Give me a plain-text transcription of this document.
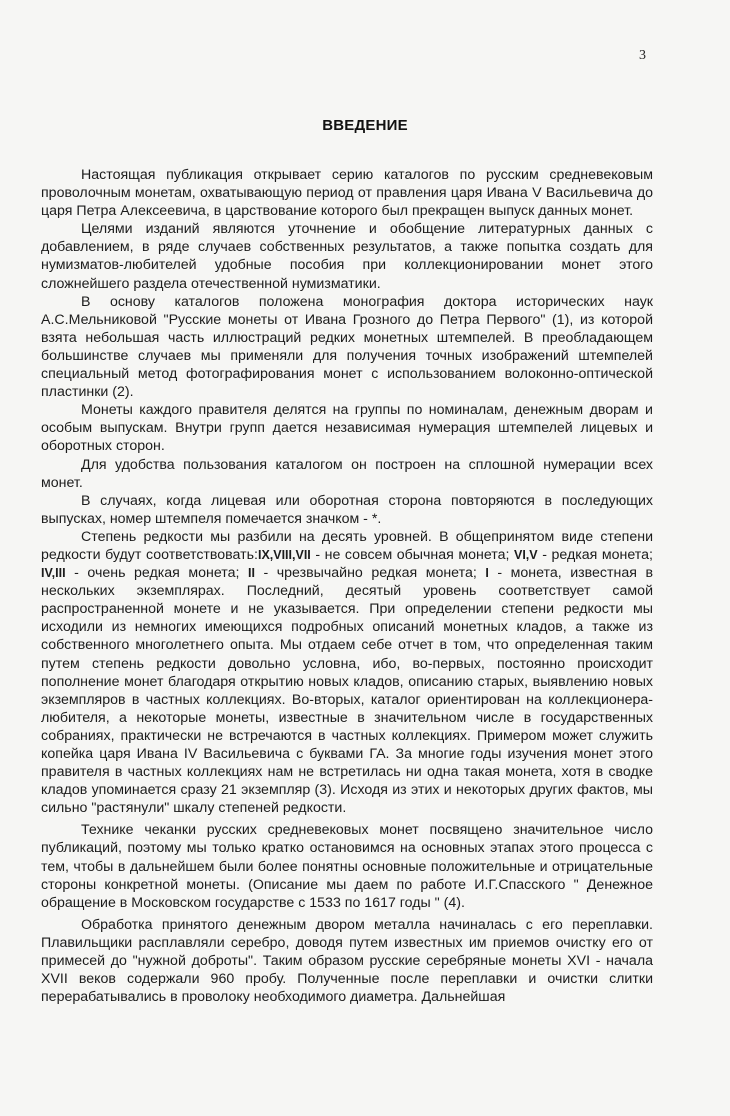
3
ВВЕДЕНИЕ

Настоящая публикация открывает серию каталогов по русским средневековым проволочным монетам, охватывающую период от правления царя Ивана V Васильевича до царя Петра Алексеевича, в царствование которого был прекращен выпуск данных монет.

Целями изданий являются уточнение и обобщение литературных данных с добавлением, в ряде случаев собственных результатов, а также попытка создать для нумизматов-любителей удобные пособия при коллекционировании монет этого сложнейшего раздела отечественной нумизматики.

В основу каталогов положена монография доктора исторических наук А.С.Мельниковой "Русские монеты от Ивана Грозного до Петра Первого" (1), из которой взята небольшая часть иллюстраций редких монетных штемпелей. В преобладающем большинстве случаев мы применяли для получения точных изображений штемпелей специальный метод фотографирования монет с использованием волоконно-оптической пластинки (2).

Монеты каждого правителя делятся на группы по номиналам, денежным дворам и особым выпускам. Внутри групп дается независимая нумерация штемпелей лицевых и оборотных сторон.

Для удобства пользования каталогом он построен на сплошной нумерации всех монет.

В случаях, когда лицевая или оборотная сторона повторяются в последующих выпусках, номер штемпеля помечается значком - *.

Степень редкости мы разбили на десять уровней. В общепринятом виде степени редкости будут соответствовать:IX,VIII,VII - не совсем обычная монета; VI,V - редкая монета; IV,III - очень редкая монета; II - чрезвычайно редкая монета; I - монета, известная в нескольких экземплярах. Последний, десятый уровень соответствует самой распространенной монете и не указывается. При определении степени редкости мы исходили из немногих имеющихся подробных описаний монетных кладов, а также из собственного многолетнего опыта. Мы отдаем себе отчет в том, что определенная таким путем степень редкости довольно условна, ибо, во-первых, постоянно происходит пополнение монет благодаря открытию новых кладов, описанию старых, выявлению новых экземпляров в частных коллекциях. Во-вторых, каталог ориентирован на коллекционера-любителя, а некоторые монеты, известные в значительном числе в государственных собраниях, практически не встречаются в частных коллекциях. Примером может служить копейка царя Ивана IV Васильевича с буквами ГА. За многие годы изучения монет этого правителя в частных коллекциях нам не встретилась ни одна такая монета, хотя в сводке кладов упоминается сразу 21 экземпляр (3). Исходя из этих и некоторых других фактов, мы сильно "растянули" шкалу степеней редкости.

Технике чеканки русских средневековых монет посвящено значительное число публикаций, поэтому мы только кратко остановимся на основных этапах этого процесса с тем, чтобы в дальнейшем были более понятны основные положительные и отрицательные стороны конкретной монеты. (Описание мы даем по работе И.Г.Спасского " Денежное обращение в Московском государстве с 1533 по 1617 годы " (4).

Обработка принятого денежным двором металла начиналась с его переплавки. Плавильщики расплавляли серебро, доводя путем известных им приемов очистку его от примесей до "нужной доброты". Таким образом русские серебряные монеты XVI - начала XVII веков содержали 960 пробу. Полученные после переплавки и очистки слитки перерабатывались в проволоку необходимого диаметра. Дальнейшая
